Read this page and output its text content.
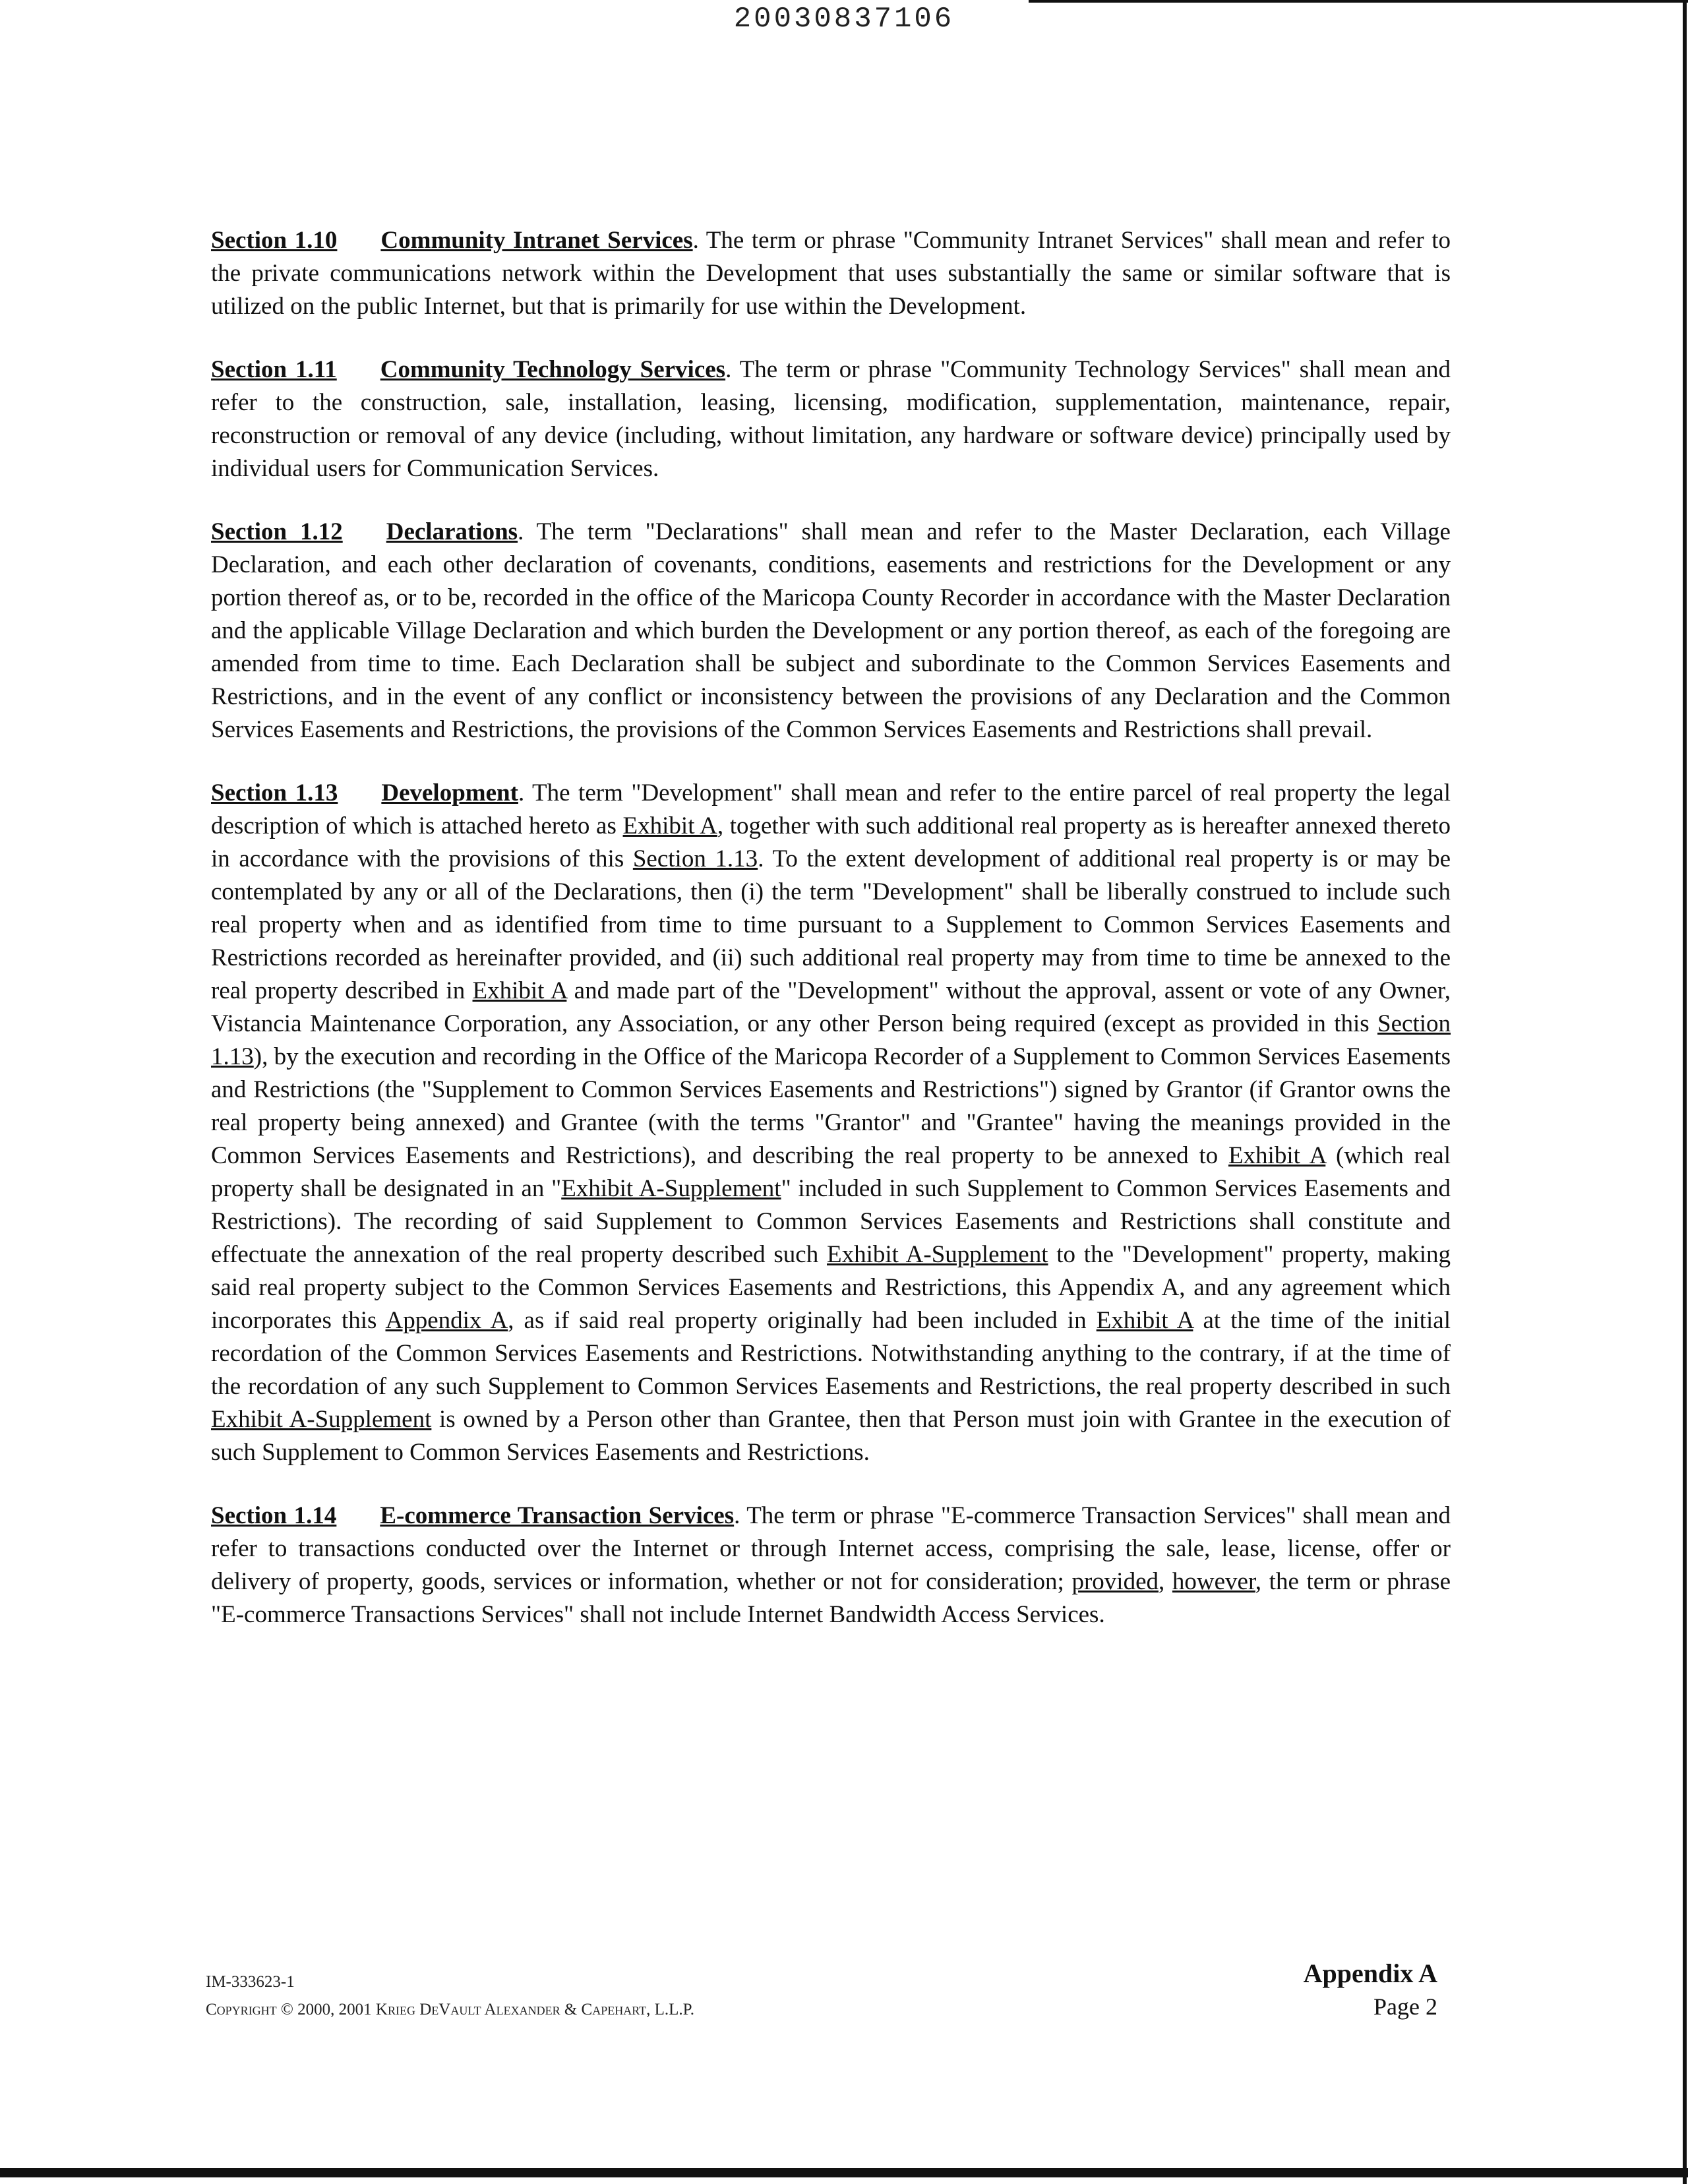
20030837106

Section 1.10 Community Intranet Services. The term or phrase "Community Intranet Services" shall mean and refer to the private communications network within the Development that uses substantially the same or similar software that is utilized on the public Internet, but that is primarily for use within the Development.

Section 1.11 Community Technology Services. The term or phrase "Community Technology Services" shall mean and refer to the construction, sale, installation, leasing, licensing, modification, supplementation, maintenance, repair, reconstruction or removal of any device (including, without limitation, any hardware or software device) principally used by individual users for Communication Services.

Section 1.12 Declarations. The term "Declarations" shall mean and refer to the Master Declaration, each Village Declaration, and each other declaration of covenants, conditions, easements and restrictions for the Development or any portion thereof as, or to be, recorded in the office of the Maricopa County Recorder in accordance with the Master Declaration and the applicable Village Declaration and which burden the Development or any portion thereof, as each of the foregoing are amended from time to time. Each Declaration shall be subject and subordinate to the Common Services Easements and Restrictions, and in the event of any conflict or inconsistency between the provisions of any Declaration and the Common Services Easements and Restrictions, the provisions of the Common Services Easements and Restrictions shall prevail.

Section 1.13 Development. The term "Development" shall mean and refer to the entire parcel of real property the legal description of which is attached hereto as Exhibit A, together with such additional real property as is hereafter annexed thereto in accordance with the provisions of this Section 1.13. To the extent development of additional real property is or may be contemplated by any or all of the Declarations, then (i) the term "Development" shall be liberally construed to include such real property when and as identified from time to time pursuant to a Supplement to Common Services Easements and Restrictions recorded as hereinafter provided, and (ii) such additional real property may from time to time be annexed to the real property described in Exhibit A and made part of the "Development" without the approval, assent or vote of any Owner, Vistancia Maintenance Corporation, any Association, or any other Person being required (except as provided in this Section 1.13), by the execution and recording in the Office of the Maricopa Recorder of a Supplement to Common Services Easements and Restrictions (the "Supplement to Common Services Easements and Restrictions") signed by Grantor (if Grantor owns the real property being annexed) and Grantee (with the terms "Grantor" and "Grantee" having the meanings provided in the Common Services Easements and Restrictions), and describing the real property to be annexed to Exhibit A (which real property shall be designated in an "Exhibit A-Supplement" included in such Supplement to Common Services Easements and Restrictions). The recording of said Supplement to Common Services Easements and Restrictions shall constitute and effectuate the annexation of the real property described such Exhibit A-Supplement to the "Development" property, making said real property subject to the Common Services Easements and Restrictions, this Appendix A, and any agreement which incorporates this Appendix A, as if said real property originally had been included in Exhibit A at the time of the initial recordation of the Common Services Easements and Restrictions. Notwithstanding anything to the contrary, if at the time of the recordation of any such Supplement to Common Services Easements and Restrictions, the real property described in such Exhibit A-Supplement is owned by a Person other than Grantee, then that Person must join with Grantee in the execution of such Supplement to Common Services Easements and Restrictions.

Section 1.14 E-commerce Transaction Services. The term or phrase "E-commerce Transaction Services" shall mean and refer to transactions conducted over the Internet or through Internet access, comprising the sale, lease, license, offer or delivery of property, goods, services or information, whether or not for consideration; provided, however, the term or phrase "E-commerce Transactions Services" shall not include Internet Bandwidth Access Services.

IM-333623-1
Copyright © 2000, 2001 Krieg DeVault Alexander & Capehart, L.L.P.
Appendix A
Page 2
